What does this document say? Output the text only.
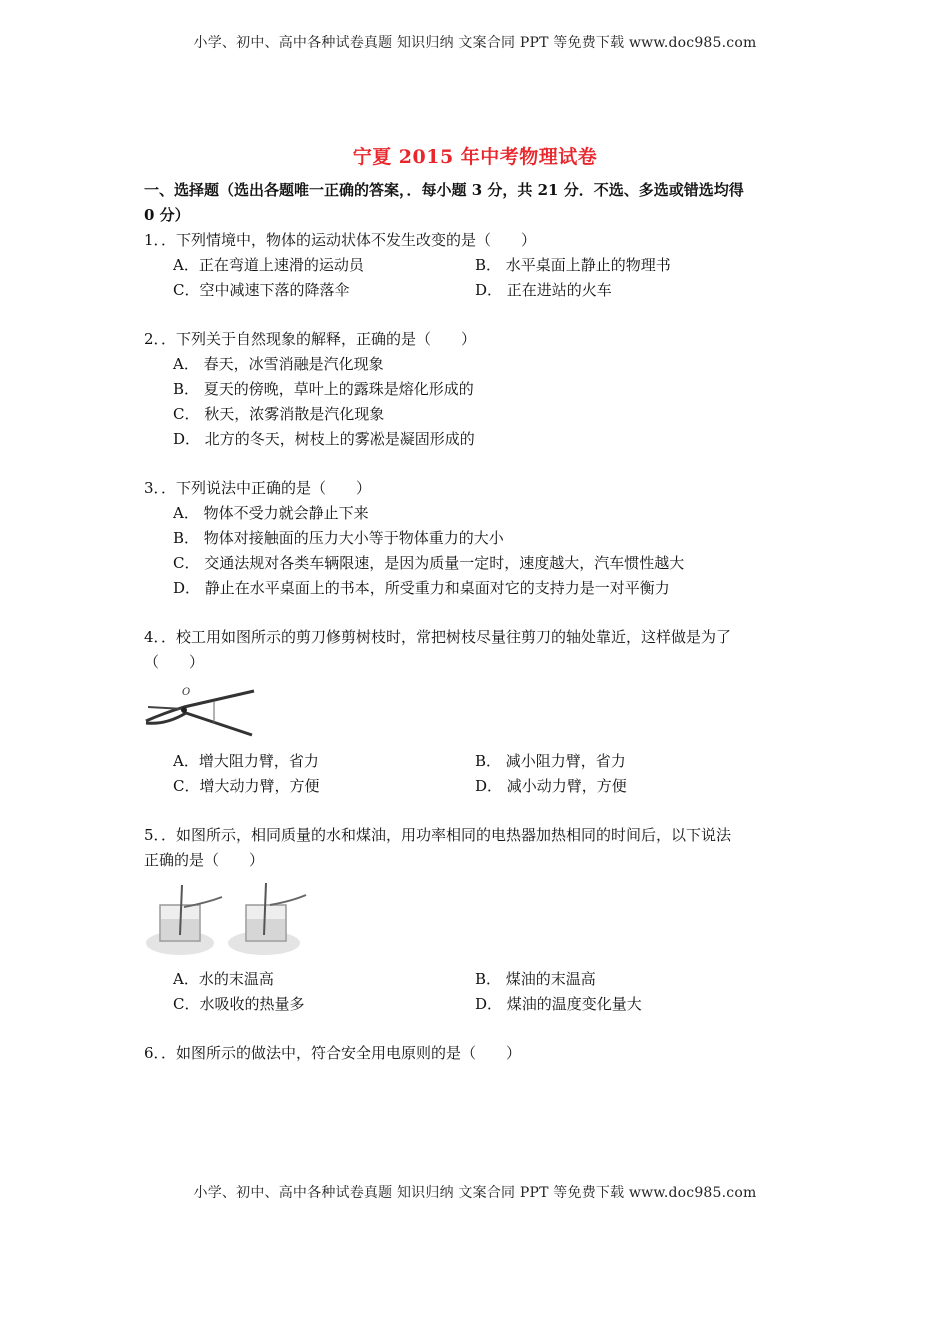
小学、初中、高中各种试卷真题 知识归纳 文案合同 PPT 等免费下载 www.doc985.com
宁夏 2015 年中考物理试卷
一、选择题（选出各题唯一正确的答案，．每小题 3 分，共 21 分．不选、多选或错选均得
0 分）
1．．下列情境中，物体的运动状体不发生改变的是（　　）
A．正在弯道上速滑的运动员	B． 水平桌面上静止的物理书
C．空中减速下落的降落伞	D． 正在进站的火车
2．．下列关于自然现象的解释，正确的是（　　）
A． 春天，冰雪消融是汽化现象
B． 夏天的傍晚，草叶上的露珠是熔化形成的
C． 秋天，浓雾消散是汽化现象
D． 北方的冬天，树枝上的雾凇是凝固形成的
3．．下列说法中正确的是（　　）
A． 物体不受力就会静止下来
B． 物体对接触面的压力大小等于物体重力的大小
C． 交通法规对各类车辆限速，是因为质量一定时，速度越大，汽车惯性越大
D． 静止在水平桌面上的书本，所受重力和桌面对它的支持力是一对平衡力
4．．校工用如图所示的剪刀修剪树枝时，常把树枝尽量往剪刀的轴处靠近，这样做是为了
（　　）
O
A．增大阻力臂，省力	B． 减小阻力臂，省力
C．增大动力臂，方便	D． 减小动力臂，方便
5．．如图所示，相同质量的水和煤油，用功率相同的电热器加热相同的时间后，以下说法
正确的是（　　）
A．水的末温高	B． 煤油的末温高
C．水吸收的热量多	D． 煤油的温度变化量大
6．．如图所示的做法中，符合安全用电原则的是（　　）
小学、初中、高中各种试卷真题 知识归纳 文案合同 PPT 等免费下载 www.doc985.com
